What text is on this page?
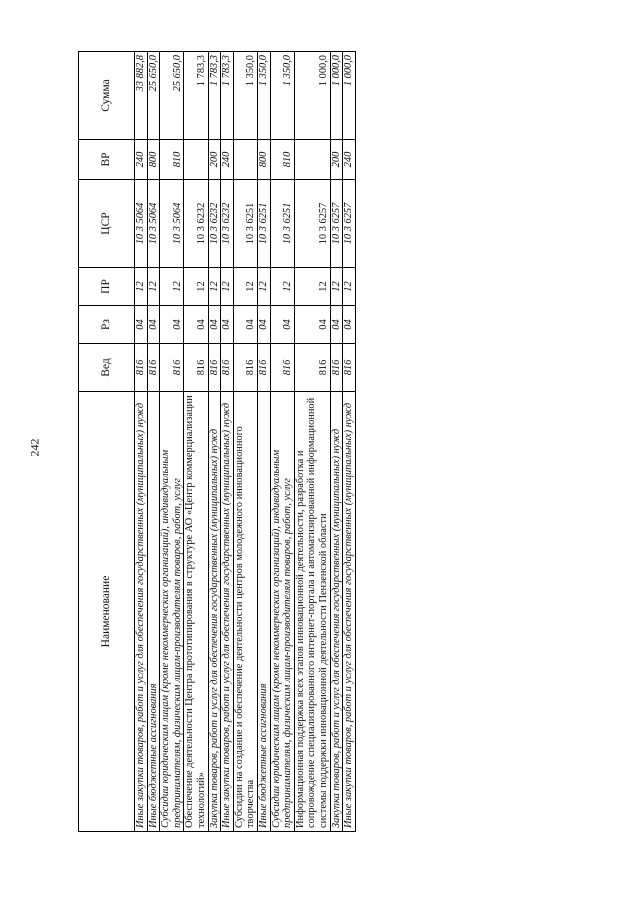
242
Наименование	Вед	Рз	ПР	ЦСР	ВР	Сумма
Иные закупки товаров, работ и услуг для обеспечения государственных (муниципальных) нужд	816	04	12	10 3 5064	240	33 882,8
Иные бюджетные ассигнования	816	04	12	10 3 5064	800	25 650,0
Субсидии юридическим лицам (кроме некоммерческих организаций), индивидуальным предпринимателям, физическим лицам-производителям товаров, работ, услуг	816	04	12	10 3 5064	810	25 650,0
Обеспечение деятельности Центра прототипирования в структуре АО «Центр коммерциализации технологий»	816	04	12	10 3 6232		1 783,3
Закупка товаров, работ и услуг для обеспечения государственных (муниципальных) нужд	816	04	12	10 3 6232	200	1 783,3
Иные закупки товаров, работ и услуг для обеспечения государственных (муниципальных) нужд	816	04	12	10 3 6232	240	1 783,3
Субсидии на создание и обеспечение деятельности центров молодежного инновационного творчества	816	04	12	10 3 6251		1 350,0
Иные бюджетные ассигнования	816	04	12	10 3 6251	800	1 350,0
Субсидии юридическим лицам (кроме некоммерческих организаций), индивидуальным предпринимателям, физическим лицам-производителям товаров, работ, услуг	816	04	12	10 3 6251	810	1 350,0
Информационная поддержка всех этапов инновационной деятельности, разработка и сопровождение специализированного интернет-портала и автоматизированной информационной системы поддержки инновационной деятельности Пензенской области	816	04	12	10 3 6257		1 000,0
Закупка товаров, работ и услуг для обеспечения государственных (муниципальных) нужд	816	04	12	10 3 6257	200	1 000,0
Иные закупки товаров, работ и услуг для обеспечения государственных (муниципальных) нужд	816	04	12	10 3 6257	240	1 000,0
